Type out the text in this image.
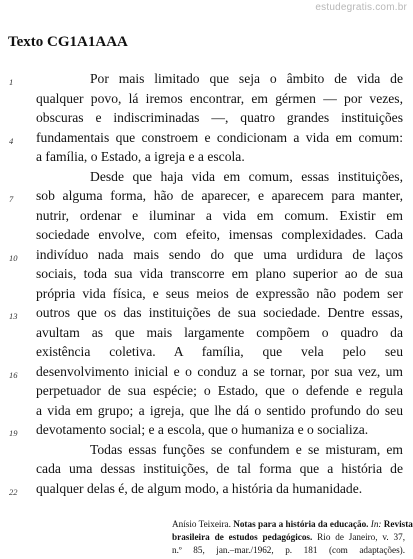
estudegratis.com.br
Texto CG1A1AAA
1	Por mais limitado que seja o âmbito de vida de
qualquer povo, lá iremos encontrar, em gérmen — por vezes,
obscuras e indiscriminadas —, quatro grandes instituições
4	fundamentais que constroem e condicionam a vida em comum:
a família, o Estado, a igreja e a escola.
Desde que haja vida em comum, essas instituições,
7	sob alguma forma, hão de aparecer, e aparecem para manter,
nutrir, ordenar e iluminar a vida em comum. Existir em
sociedade envolve, com efeito, imensas complexidades. Cada
10	indivíduo nada mais sendo do que uma urdidura de laços
sociais, toda sua vida transcorre em plano superior ao de sua
própria vida física, e seus meios de expressão não podem ser
13	outros que os das instituições de sua sociedade. Dentre essas,
avultam as que mais largamente compõem o quadro da
existência coletiva. A família, que vela pelo seu
16	desenvolvimento inicial e o conduz a se tornar, por sua vez, um
perpetuador de sua espécie; o Estado, que o defende e regula
a vida em grupo; a igreja, que lhe dá o sentido profundo do seu
19	devotamento social; e a escola, que o humaniza e o socializa.
Todas essas funções se confundem e se misturam, em
cada uma dessas instituições, de tal forma que a história de
22	qualquer delas é, de algum modo, a história da humanidade.
Anísio Teixeira. Notas para a história da educação. In: Revista
brasileira de estudos pedagógicos. Rio de Janeiro, v. 37,
n.º 85, jan.–mar./1962, p. 181 (com adaptações).
